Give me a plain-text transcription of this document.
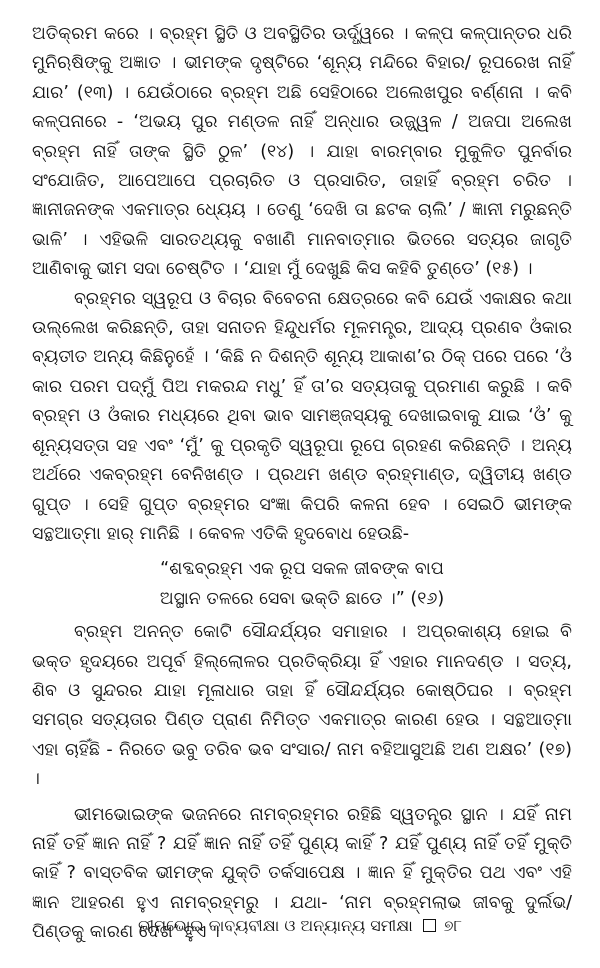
ଅତିକ୍ରମ କରେ । ବ୍ରହ୍ମ ସ୍ଥିତି ଓ ଅବସ୍ଥିତିର ଊର୍ଦ୍ଧ୍ୱରେ । କଳ୍ପ କଳ୍ପାନ୍ତର ଧରି ମୁନିଋଷିଙ୍କୁ ଅଜ୍ଞାତ । ଭୀମଙ୍କ ଦୃଷ୍ଟିରେ ‘ଶୂନ୍ୟ ମନ୍ଦିରେ ବିହାର/ ରୂପରେଖ ନାହିଁ ଯାର’ (୧୩) । ଯେଉଁଠାରେ ବ୍ରହ୍ମ ଅଛି ସେହିଠାରେ ଅଲେଖପୁର ବର୍ଣ୍ଣନା । କବି କଳ୍ପନାରେ - ‘ଅଭୟ ପୁର ମଣ୍ଡଳ ନାହିଁ ଅନ୍ଧାର ଉଜ୍ଜ୍ୱଳ / ଅଜପା ଅଲେଖ ବ୍ରହ୍ମ ନାହିଁ ତାଙ୍କ ସ୍ଥିତି ଠୁଳ’ (୧୪) । ଯାହା ବାରମ୍ବାର ମୁକୁଳିତ ପୁନର୍ବାର ସଂଯୋଜିତ, ଆପେଆପେ ପ୍ରଚାରିତ ଓ ପ୍ରସାରିତ, ତାହାହିଁ ବ୍ରହ୍ମ ଚରିତ । ଜ୍ଞାନୀଜନଙ୍କ ଏକମାତ୍ର ଧ୍ୟେୟ । ତେଣୁ ‘ଦେଖି ତା ଛଟକ ଚାଲି’ / ଜ୍ଞାନୀ ମରୁଛନ୍ତି ଭାଳି’ । ଏହିଭଳି ସାରତଥ୍ୟକୁ ବଖାଣି ମାନବାତ୍ମାର ଭିତରେ ସତ୍ୟର ଜାଗୃତି ଆଣିବାକୁ ଭୀମ ସଦା ଚେଷ୍ଟିତ । ‘ଯାହା ମୁଁ ଦେଖୁଛି କିସ କହିବି ତୁଣ୍ଡେ’ (୧୫) ।

ବ୍ରହ୍ମର ସ୍ୱରୂପ ଓ ବିଚାର ବିବେଚନା କ୍ଷେତ୍ରରେ କବି ଯେଉଁ ଏକାକ୍ଷର କଥା ଉଲ୍ଲେଖ କରିଛନ୍ତି, ତାହା ସନାତନ ହିନ୍ଦୁଧର୍ମର ମୂଳମନ୍ତ୍ର, ଆଦ୍ୟ ପ୍ରଣବ ଓଁକାର ବ୍ୟତୀତ ଅନ୍ୟ କିଛିନୁହେଁ । ‘କିଛି ନ ଦିଶନ୍ତି ଶୂନ୍ୟ ଆକାଶ’ର ଠିକ୍ ପରେ ପରେ ‘ଓଁ କାର ପରମ ପଦ୍ମୁଁ ପିଅ ମକରନ୍ଦ ମଧୁ’ ହିଁ ତା’ର ସତ୍ୟତାକୁ ପ୍ରମାଣ କରୁଛି । କବି ବ୍ରହ୍ମ ଓ ଓଁକାର ମଧ୍ୟରେ ଥିବା ଭାବ ସାମଞ୍ଜସ୍ୟକୁ ଦେଖାଇବାକୁ ଯାଇ ‘ଓଁ’ କୁ ଶୂନ୍ୟସତ୍ତା ସହ ଏବଂ ‘ମୁଁ’ କୁ ପ୍ରକୃତି ସ୍ୱରୂପା ରୂପେ ଗ୍ରହଣ କରିଛନ୍ତି । ଅନ୍ୟ ଅର୍ଥରେ ଏକବ୍ରହ୍ମ ବେନିଖଣ୍ଡ । ପ୍ରଥମ ଖଣ୍ଡ ବ୍ରହ୍ମାଣ୍ଡ, ଦ୍ୱିତୀୟ ଖଣ୍ଡ ଗୁପ୍ତ । ସେହି ଗୁପ୍ତ ବ୍ରହ୍ମର ସଂଜ୍ଞା କିପରି କଳନା ହେବ । ସେଇଠି ଭୀମଙ୍କ ସନ୍ଥଆତ୍ମା ହାର୍ ମାନିଛି । କେବଳ ଏତିକି ହୃଦବୋଧ ହେଉଛି-

“ଶବ୍ଦବ୍ରହ୍ମ ଏକ ରୂପ ସକଳ ଜୀବଙ୍କ ବାପ
ଅସ୍ଥାନ ତଳରେ ସେବା ଭକ୍ତି ଛାଡେ ।” (୧୬)

ବ୍ରହ୍ମ ଅନନ୍ତ କୋଟି ସୌନ୍ଦର୍ଯ୍ୟର ସମାହାର । ଅପ୍ରକାଶ୍ୟ ହୋଇ ବି ଭକ୍ତ ହୃଦୟରେ ଅପୂର୍ବ ହିଲ୍ଲୋଳର ପ୍ରତିକ୍ରିୟା ହିଁ ଏହାର ମାନଦଣ୍ଡ । ସତ୍ୟ, ଶିବ ଓ ସୁନ୍ଦରର ଯାହା ମୂଳାଧାର ତାହା ହିଁ ସୌନ୍ଦର୍ଯ୍ୟର କୋଷ୍ଠିଘର । ବ୍ରହ୍ମ ସମଗ୍ର ସତ୍ୟତାର ପିଣ୍ଡ ପ୍ରାଣ ନିମିତ୍ତ ଏକମାତ୍ର କାରଣ ହେଉ । ସନ୍ଥଆତ୍ମା ଏହା ଚାହିଁଛି - ନିରତେ ଭବୁ ତରିବ ଭବ ସଂସାର/ ନାମ ବହିଆସୁଅଛି ଅଣ ଅକ୍ଷର’ (୧୭) ।

ଭୀମଭୋଇଙ୍କ ଭଜନରେ ନାମବ୍ରହ୍ମର ରହିଛି ସ୍ୱତନ୍ତ୍ର ସ୍ଥାନ । ଯହିଁ ନାମ ନାହିଁ ତହିଁ ଜ୍ଞାନ ନାହିଁ ? ଯହିଁ ଜ୍ଞାନ ନାହିଁ ତହିଁ ପୁଣ୍ୟ କାହିଁ ? ଯହିଁ ପୁଣ୍ୟ ନାହିଁ ତହିଁ ମୁକ୍ତି କାହିଁ ? ବାସ୍ତବିକ ଭୀମଙ୍କ ଯୁକ୍ତି ତର୍କସାପେକ୍ଷ । ଜ୍ଞାନ ହିଁ ମୁକ୍ତିର ପଥ ଏବଂ ଏହି ଜ୍ଞାନ ଆହରଣ ହୁଏ ନାମବ୍ରହ୍ମରୁ । ଯଥା- ‘ନାମ ବ୍ରହ୍ମଲାଭ ଜୀବକୁ ଦୁର୍ଲଭ/ ପିଣ୍ଡକୁ କାରଣ ଦେଖ’ ହୁଏ ।

ଭୀମଭୋଇ କାବ୍ୟବୀକ୍ଷା ଓ ଅନ୍ୟାନ୍ୟ ସମୀକ୍ଷା ୭୮
